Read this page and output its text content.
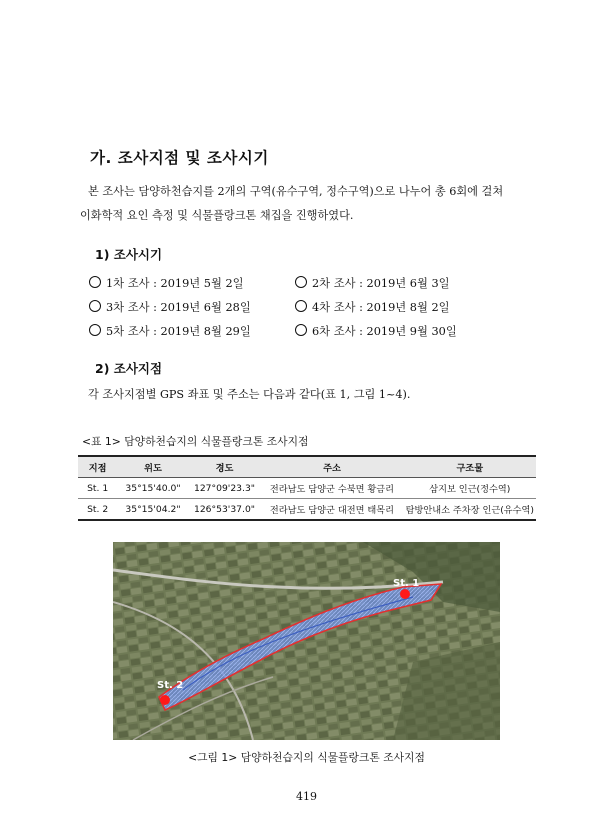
가. 조사지점 및 조사시기
본 조사는 담양하천습지를 2개의 구역(유수구역, 정수구역)으로 나누어 총 6회에 걸쳐
이화학적 요인 측정 및 식물플랑크톤 채집을 진행하였다.
1) 조사시기
1차 조사 : 2019년 5월 2일	2차 조사 : 2019년 6월 3일
3차 조사 : 2019년 6월 28일	4차 조사 : 2019년 8월 2일
5차 조사 : 2019년 8월 29일	6차 조사 : 2019년 9월 30일
2) 조사지점
각 조사지점별 GPS 좌표 및 주소는 다음과 같다(표 1, 그림 1~4).
<표 1> 담양하천습지의 식물플랑크톤 조사지점
지점	위도	경도	주소	구조물
St. 1	35°15'40.0"	127°09'23.3"	전라남도 담양군 수북면 황금리	삼지보 인근(정수역)
St. 2	35°15'04.2"	126°53'37.0"	전라남도 담양군 대전면 태목리	탐방안내소 주차장 인근(유수역)
St. 1
St. 2
<그림 1> 담양하천습지의 식물플랑크톤 조사지점
419
